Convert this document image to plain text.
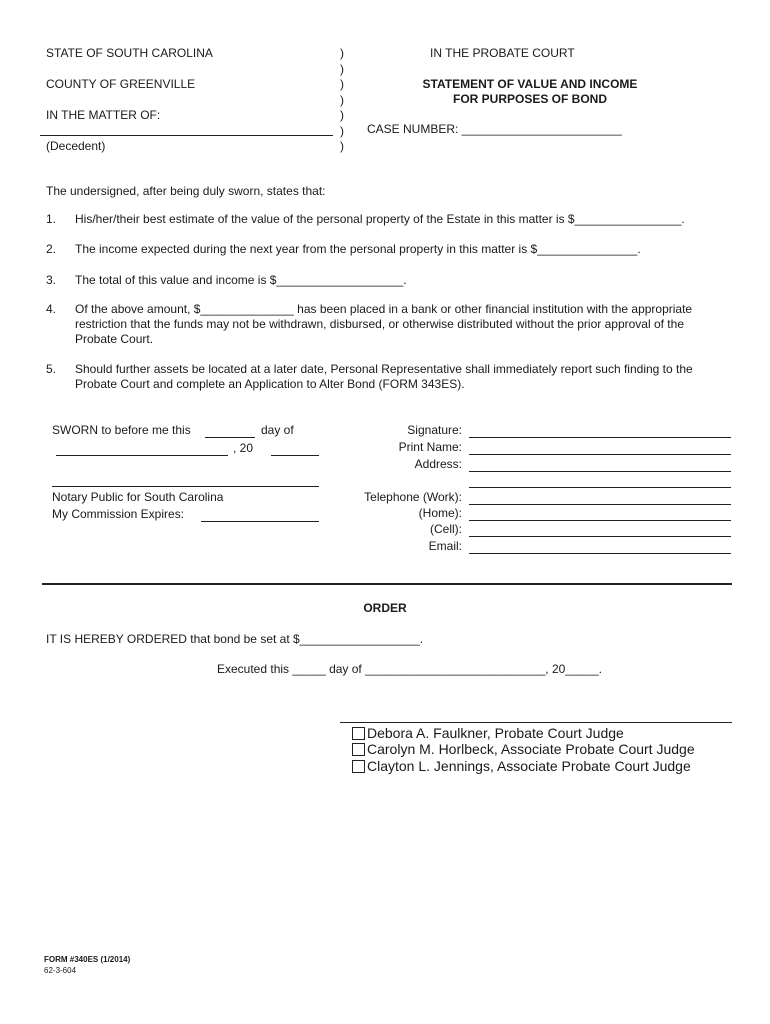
STATE OF SOUTH CAROLINA
COUNTY OF GREENVILLE
IN THE MATTER OF:
(Decedent)
)
)
)
)
)
)
)
IN THE PROBATE COURT
STATEMENT OF VALUE AND INCOME
FOR PURPOSES OF BOND
CASE NUMBER: ________________________
The undersigned, after being duly sworn, states that:
1. His/her/their best estimate of the value of the personal property of the Estate in this matter is $________________.
2. The income expected during the next year from the personal property in this matter is $_______________.
3. The total of this value and income is $___________________.
4. Of the above amount, $______________ has been placed in a bank or other financial institution with the appropriate restriction that the funds may not be withdrawn, disbursed, or otherwise distributed without the prior approval of the Probate Court.
5. Should further assets be located at a later date, Personal Representative shall immediately report such finding to the Probate Court and complete an Application to Alter Bond (FORM 343ES).
SWORN to before me this	day of
, 20
Notary Public for South Carolina
My Commission Expires:
Signature:
Print Name:
Address:
Telephone (Work):
(Home):
(Cell):
Email:
ORDER
IT IS HEREBY ORDERED that bond be set at $__________________.
Executed this _____ day of ___________________________, 20_____.
Debora A. Faulkner, Probate Court Judge
Carolyn M. Horlbeck, Associate Probate Court Judge
Clayton L. Jennings, Associate Probate Court Judge
FORM #340ES (1/2014)
62-3-604
